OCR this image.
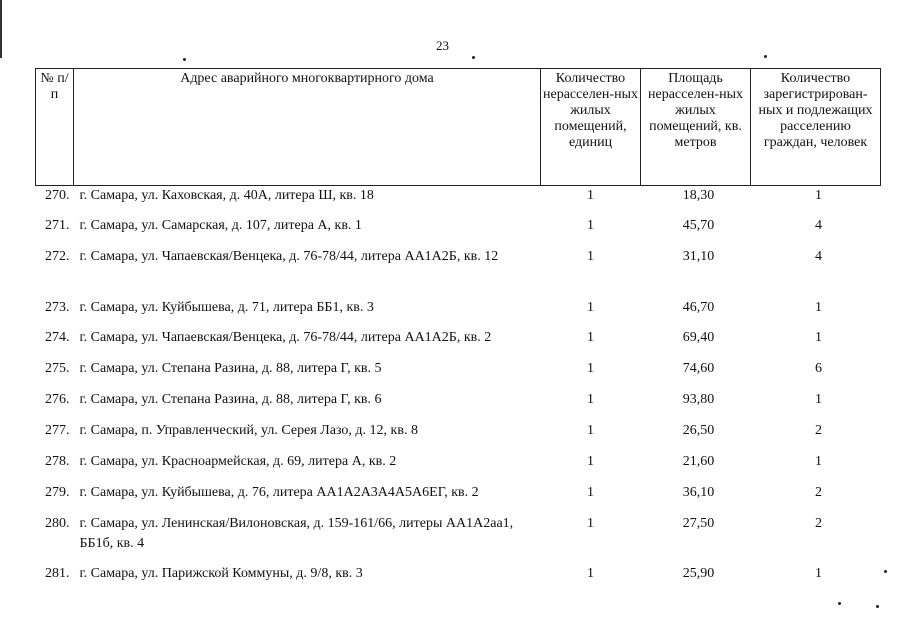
23
№ п/п	Адрес аварийного многоквартирного дома	Количество нерасселен-ных жилых помещений, единиц	Площадь нерасселен-ных жилых помещений, кв. метров	Количество зарегистрирован-ных и подлежащих расселению граждан, человек
270.	г. Самара, ул. Каховская, д. 40А, литера Ш, кв. 18	1	18,30	1
271.	г. Самара, ул. Самарская, д. 107, литера А, кв. 1	1	45,70	4
272.	г. Самара, ул. Чапаевская/Венцека, д. 76-78/44, литера АА1А2Б, кв. 12	1	31,10	4
273.	г. Самара, ул. Куйбышева, д. 71, литера ББ1, кв. 3	1	46,70	1
274.	г. Самара, ул. Чапаевская/Венцека, д. 76-78/44, литера АА1А2Б, кв. 2	1	69,40	1
275.	г. Самара, ул. Степана Разина, д. 88, литера Г, кв. 5	1	74,60	6
276.	г. Самара, ул. Степана Разина, д. 88, литера Г, кв. 6	1	93,80	1
277.	г. Самара, п. Управленческий, ул. Серея Лазо, д. 12, кв. 8	1	26,50	2
278.	г. Самара, ул. Красноармейская, д. 69, литера А, кв. 2	1	21,60	1
279.	г. Самара, ул. Куйбышева, д. 76, литера АА1А2А3А4А5А6ЕГ, кв. 2	1	36,10	2
280.	г. Самара, ул. Ленинская/Вилоновская, д. 159-161/66, литеры АА1А2аа1, ББ1б, кв. 4	1	27,50	2
281.	г. Самара, ул. Парижской Коммуны, д. 9/8, кв. 3	1	25,90	1
